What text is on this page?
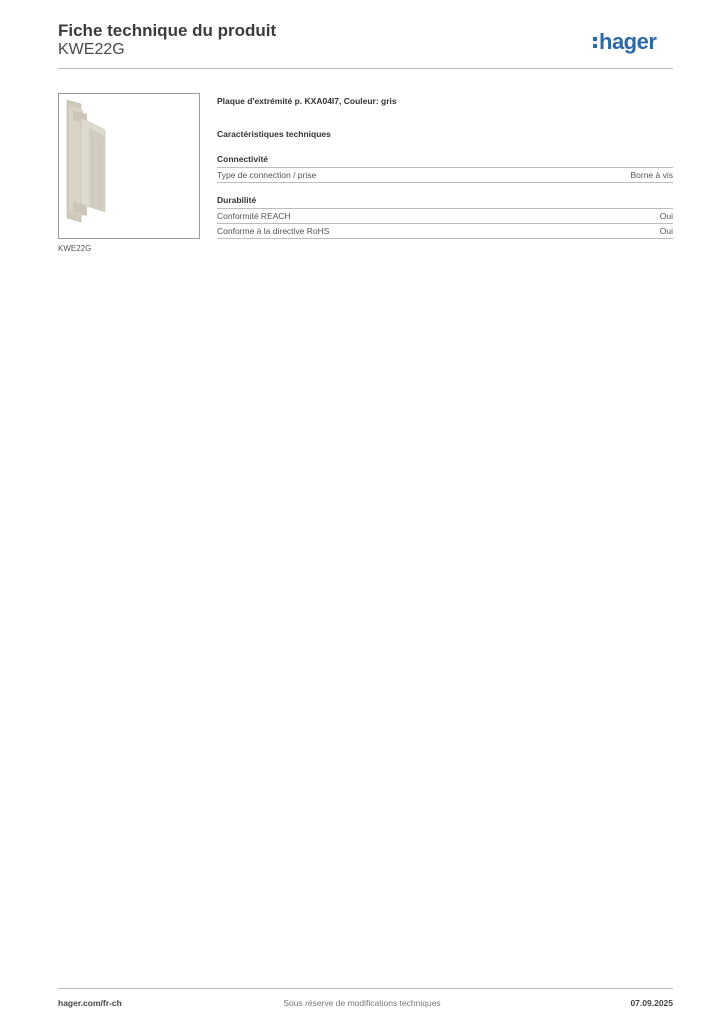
Fiche technique du produit
KWE22G	hager
KWE22G
Plaque d'extrémité p. KXA04I7, Couleur: gris
Caractéristiques techniques
Connectivité
Type de connection / prise	Borne à vis
Durabilité
Conformité REACH	Oui
Conforme à la directive RoHS	Oui
hager.com/fr-ch	Sous réserve de modifications techniques	07.09.2025
